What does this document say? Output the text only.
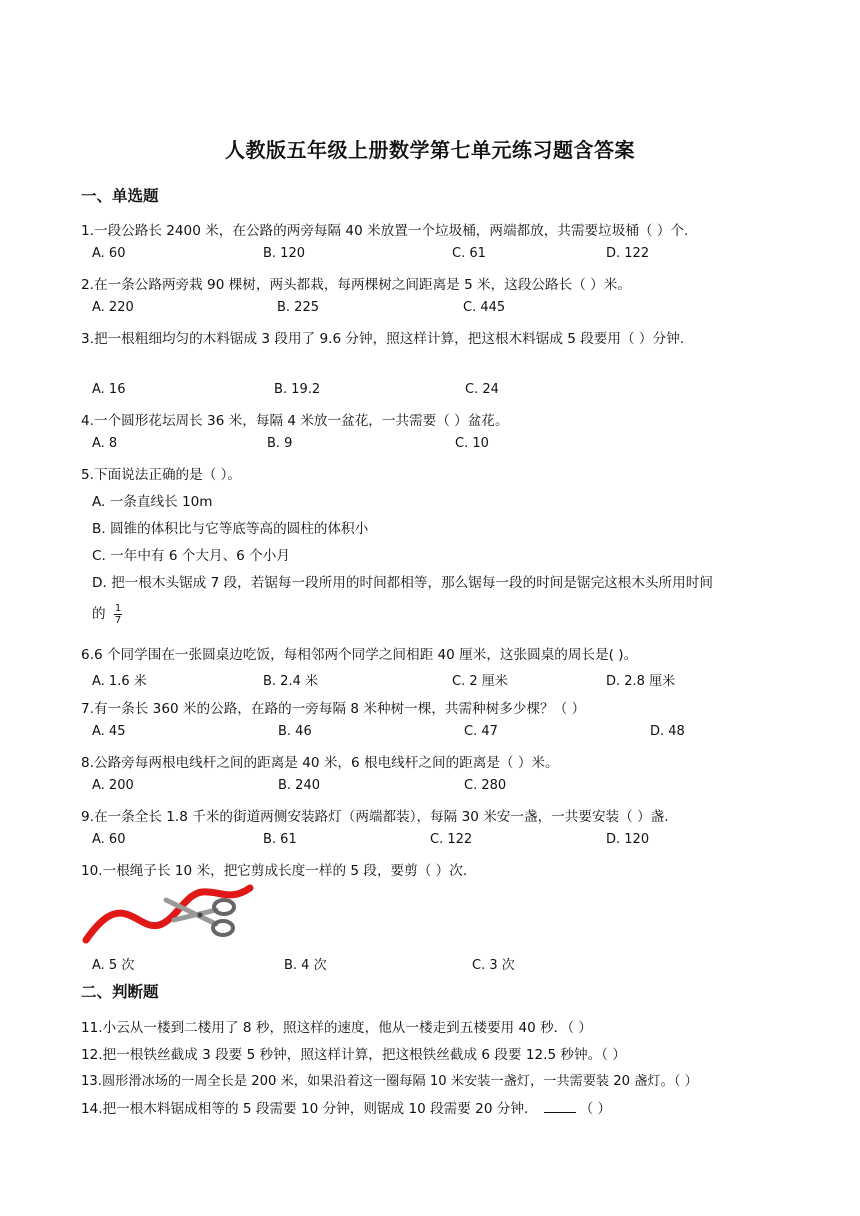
人教版五年级上册数学第七单元练习题含答案
一、单选题
1.一段公路长 2400 米，在公路的两旁每隔 40 米放置一个垃圾桶，两端都放，共需要垃圾桶（ ）个.
A. 60	B. 120	C. 61	D. 122
2.在一条公路两旁栽 90 棵树，两头都栽，每两棵树之间距离是 5 米，这段公路长（ ）米。
A. 220	B. 225	C. 445
3.把一根粗细均匀的木料锯成 3 段用了 9.6 分钟，照这样计算，把这根木料锯成 5 段要用（ ）分钟.
A. 16	B. 19.2	C. 24
4.一个圆形花坛周长 36 米，每隔 4 米放一盆花，一共需要（ ）盆花。
A. 8	B. 9	C. 10
5.下面说法正确的是（ ）。
A. 一条直线长 10m
B. 圆锥的体积比与它等底等高的圆柱的体积小
C. 一年中有 6 个大月、6 个小月
D. 把一根木头锯成 7 段，若锯每一段所用的时间都相等，那么锯每一段的时间是锯完这根木头所用时间
的 $\frac{1}{7}$
6.6 个同学围在一张圆桌边吃饭，每相邻两个同学之间相距 40 厘米，这张圆桌的周长是( )。
A. 1.6 米	B. 2.4 米	C. 2 厘米	D. 2.8 厘米
7.有一条长 360 米的公路，在路的一旁每隔 8 米种树一棵，共需种树多少棵？（ ）
A. 45	B. 46	C. 47	D. 48
8.公路旁每两根电线杆之间的距离是 40 米，6 根电线杆之间的距离是（ ）米。
A. 200	B. 240	C. 280
9.在一条全长 1.8 千米的街道两侧安装路灯（两端都装），每隔 30 米安一盏，一共要安装（ ）盏.
A. 60	B. 61	C. 122	D. 120
10.一根绳子长 10 米，把它剪成长度一样的 5 段，要剪（ ）次.
A. 5 次	B. 4 次	C. 3 次
二、判断题
11.小云从一楼到二楼用了 8 秒，照这样的速度，他从一楼走到五楼要用 40 秒．（ ）
12.把一根铁丝截成 3 段要 5 秒钟，照这样计算，把这根铁丝截成 6 段要 12.5 秒钟。（ ）
13.圆形滑冰场的一周全长是 200 米，如果沿着这一圈每隔 10 米安装一盏灯，一共需要装 20 盏灯。（ ）
14.把一根木料锯成相等的 5 段需要 10 分钟，则锯成 10 段需要 20 分钟．	（ ）
